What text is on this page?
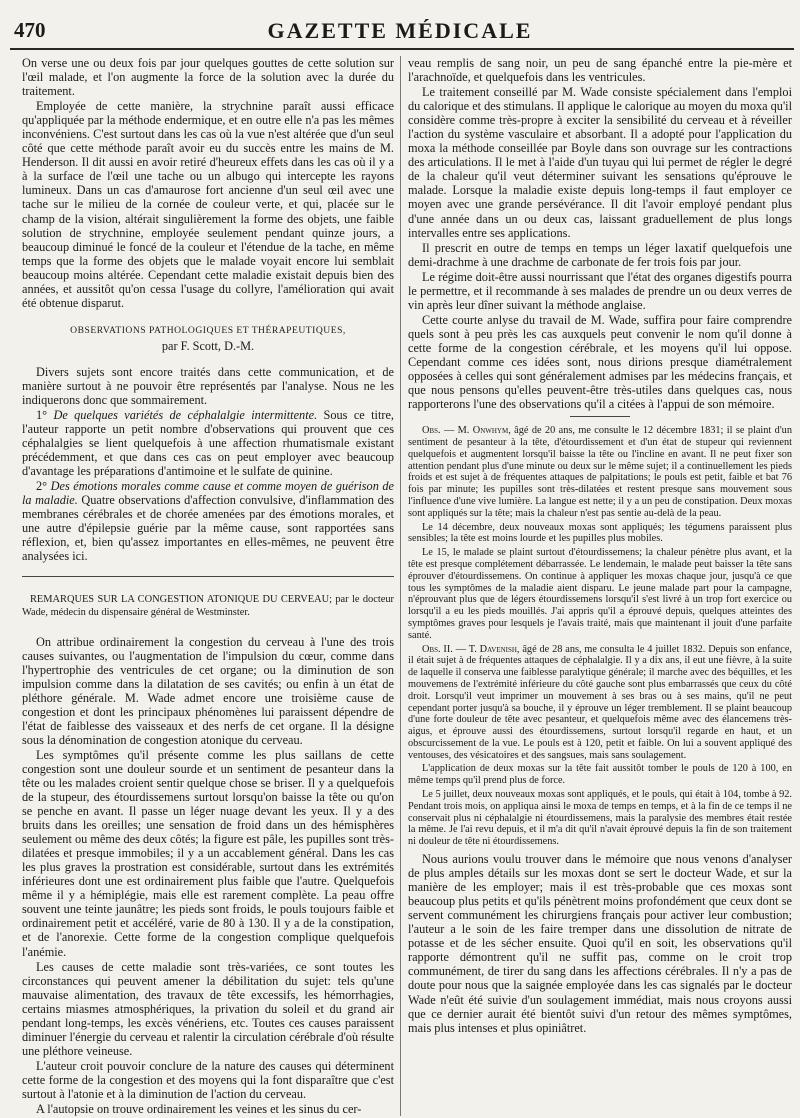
470	GAZETTE MÉDICALE

On verse une ou deux fois par jour quelques gouttes de cette solution sur l'œil malade, et l'on augmente la force de la solution avec la durée du traitement.

Employée de cette manière, la strychnine paraît aussi efficace qu'appliquée par la méthode endermique, et en outre elle n'a pas les mêmes inconvéniens. C'est surtout dans les cas où la vue n'est altérée que d'un seul côté que cette méthode paraît avoir eu du succès entre les mains de M. Henderson. Il dit aussi en avoir retiré d'heureux effets dans les cas où il y a à la surface de l'œil une tache ou un albugo qui intercepte les rayons lumineux. Dans un cas d'amaurose fort ancienne d'un seul œil avec une tache sur le milieu de la cornée de couleur verte, et qui, placée sur le champ de la vision, altérait singulièrement la forme des objets, une faible solution de strychnine, employée seulement pendant quinze jours, a beaucoup diminué le foncé de la couleur et l'étendue de la tache, en même temps que la forme des objets que le malade voyait encore lui semblait beaucoup moins altérée. Cependant cette maladie existait depuis bien des années, et aussitôt qu'on cessa l'usage du collyre, l'amélioration qui avait été obtenue disparut.

OBSERVATIONS PATHOLOGIQUES ET THÉRAPEUTIQUES,

par F. Scott, D.-M.

Divers sujets sont encore traités dans cette communication, et de manière surtout à ne pouvoir être représentés par l'analyse. Nous ne les indiquerons donc que sommairement.

1° De quelques variétés de céphalalgie intermittente. Sous ce titre, l'auteur rapporte un petit nombre d'observations qui prouvent que ces céphalalgies se lient quelquefois à une affection rhumatismale existant précédemment, et que dans ces cas on peut employer avec beaucoup d'avantage les préparations d'antimoine et le sulfate de quinine.

2° Des émotions morales comme cause et comme moyen de guérison de la maladie. Quatre observations d'affection convulsive, d'inflammation des membranes cérébrales et de chorée amenées par des émotions morales, et une autre d'épilepsie guérie par la même cause, sont rapportées sans réflexion, et, bien qu'assez importantes en elles-mêmes, ne peuvent être analysées ici.

REMARQUES SUR LA CONGESTION ATONIQUE DU CERVEAU; par le docteur Wade, médecin du dispensaire général de Westminster.

On attribue ordinairement la congestion du cerveau à l'une des trois causes suivantes, ou l'augmentation de l'impulsion du cœur, comme dans l'hypertrophie des ventricules de cet organe; ou la diminution de son impulsion comme dans la dilatation de ses cavités; ou enfin à un état de pléthore générale. M. Wade admet encore une troisième cause de congestion et dont les principaux phénomènes lui paraissent dépendre de l'état de faiblesse des vaisseaux et des nerfs de cet organe. Il la désigne sous la dénomination de congestion atonique du cerveau.

Les symptômes qu'il présente comme les plus saillans de cette congestion sont une douleur sourde et un sentiment de pesanteur dans la tête ou les malades croient sentir quelque chose se briser. Il y a quelquefois de la stupeur, des étourdissemens surtout lorsqu'on baisse la tête ou qu'on se penche en avant. Il passe un léger nuage devant les yeux. Il y a des bruits dans les oreilles; une sensation de froid dans un des hémisphères seulement ou même des deux côtés; la figure est pâle, les pupilles sont très-dilatées et presque immobiles; il y a un accablement général. Dans les cas les plus graves la prostration est considérable, surtout dans les extrémités inférieures dont une est ordinairement plus faible que l'autre. Quelquefois même il y a hémiplégie, mais elle est rarement complète. La peau offre souvent une teinte jaunâtre; les pieds sont froids, le pouls toujours faible et ordinairement petit et accéléré, varie de 80 à 130. Il y a de la constipation, et de l'anorexie. Cette forme de la congestion complique quelquefois l'anémie.

Les causes de cette maladie sont très-variées, ce sont toutes les circonstances qui peuvent amener la débilitation du sujet: tels qu'une mauvaise alimentation, des travaux de tête excessifs, les hémorrhagies, certains miasmes atmosphériques, la privation du soleil et du grand air pendant long-temps, les excès vénériens, etc. Toutes ces causes paraissent diminuer l'énergie du cerveau et ralentir la circulation cérébrale d'où résulte une pléthore veineuse.

L'auteur croit pouvoir conclure de la nature des causes qui déterminent cette forme de la congestion et des moyens qui la font disparaître que c'est surtout à l'atonie et à la diminution de l'action du cerveau.

A l'autopsie on trouve ordinairement les veines et les sinus du cer-

veau remplis de sang noir, un peu de sang épanché entre la pie-mère et l'arachnoïde, et quelquefois dans les ventricules.

Le traitement conseillé par M. Wade consiste spécialement dans l'emploi du calorique et des stimulans. Il applique le calorique au moyen du moxa qu'il considère comme très-propre à exciter la sensibilité du cerveau et à réveiller l'action du système vasculaire et absorbant. Il a adopté pour l'application du moxa la méthode conseillée par Boyle dans son ouvrage sur les contractions des articulations. Il le met à l'aide d'un tuyau qui lui permet de régler le degré de la chaleur qu'il veut déterminer suivant les sensations qu'éprouve le malade. Lorsque la maladie existe depuis long-temps il faut employer ce moyen avec une grande persévérance. Il dit l'avoir employé pendant plus d'une année dans un ou deux cas, laissant graduellement de plus longs intervalles entre ses applications.

Il prescrit en outre de temps en temps un léger laxatif quelquefois une demi-drachme à une drachme de carbonate de fer trois fois par jour.

Le régime doit-être aussi nourrissant que l'état des organes digestifs pourra le permettre, et il recommande à ses malades de prendre un ou deux verres de vin après leur dîner suivant la méthode anglaise.

Cette courte anlyse du travail de M. Wade, suffira pour faire comprendre quels sont à peu près les cas auxquels peut convenir le nom qu'il donne à cette forme de la congestion cérébrale, et les moyens qu'il lui oppose. Cependant comme ces idées sont, nous dirions presque diamétralement opposées à celles qui sont généralement admises par les médecins français, et que nous pensons qu'elles peuvent-être très-utiles dans quelques cas, nous rapporterons l'une des observations qu'il a citées à l'appui de son mémoire.

Obs. — M. Onwhym, âgé de 20 ans, me consulte le 12 décembre 1831; il se plaint d'un sentiment de pesanteur à la tête, d'étourdissement et d'un état de stupeur qui reviennent quelquefois et augmentent lorsqu'il baisse la tête ou l'incline en avant. Il ne peut fixer son attention pendant plus d'une minute ou deux sur le même sujet; il a continuellement les pieds froids et est sujet à de fréquentes attaques de palpitations; le pouls est petit, faible et bat 76 fois par minute; les pupilles sont très-dilatées et restent presque sans mouvement sous l'influence d'une vive lumière. La langue est nette; il y a un peu de constipation. Deux moxas sont appliqués sur la tête; mais la chaleur n'est pas sentie au-delà de la peau.

Le 14 décembre, deux nouveaux moxas sont appliqués; les tégumens paraissent plus sensibles; la tête est moins lourde et les pupilles plus mobiles.

Le 15, le malade se plaint surtout d'étourdissemens; la chaleur pénètre plus avant, et la tête est presque complétement débarrassée. Le lendemain, le malade peut baisser la tête sans éprouver d'étourdissemens. On continue à appliquer les moxas chaque jour, jusqu'à ce que tous les symptômes de la maladie aient disparu. Le jeune malade part pour la campagne, n'éprouvant plus que de légers étourdissemens lorsqu'il s'est livré à un trop fort exercice ou lorsqu'il a eu les pieds mouillés. J'ai appris qu'il a éprouvé depuis, quelques atteintes des symptômes graves pour lesquels je l'avais traité, mais que maintenant il jouit d'une parfaite santé.

Obs. II. — T. Davenish, âgé de 28 ans, me consulta le 4 juillet 1832. Depuis son enfance, il était sujet à de fréquentes attaques de céphalalgie. Il y a dix ans, il eut une fièvre, à la suite de laquelle il conserva une faiblesse paralytique générale; il marche avec des béquilles, et les mouvemens de l'extrémité inférieure du côté gauche sont plus embarrassés que ceux du côté droit. Lorsqu'il veut imprimer un mouvement à ses bras ou à ses mains, qu'il ne peut cependant porter jusqu'à sa bouche, il y éprouve un léger tremblement. Il se plaint beaucoup d'une forte douleur de tête avec pesanteur, et quelquefois même avec des élancemens très-aigus, et éprouve aussi des étourdissemens, surtout lorsqu'il regarde en haut, et un obscurcissement de la vue. Le pouls est à 120, petit et faible. On lui a souvent appliqué des ventouses, des vésicatoires et des sangsues, mais sans soulagement.

L'application de deux moxas sur la tête fait aussitôt tomber le pouls de 120 à 100, en même temps qu'il prend plus de force.

Le 5 juillet, deux nouveaux moxas sont appliqués, et le pouls, qui était à 104, tombe à 92. Pendant trois mois, on appliqua ainsi le moxa de temps en temps, et à la fin de ce temps il ne conservait plus ni céphalalgie ni étourdissemens, mais la paralysie des membres était restée la même. Je l'ai revu depuis, et il m'a dit qu'il n'avait éprouvé depuis la fin de son traitement ni douleur de tête ni étourdissemens.

Nous aurions voulu trouver dans le mémoire que nous venons d'analyser de plus amples détails sur les moxas dont se sert le docteur Wade, et sur la manière de les employer; mais il est très-probable que ces moxas sont beaucoup plus petits et qu'ils pénètrent moins profondément que ceux dont se servent communément les chirurgiens français pour activer leur combustion; l'auteur a le soin de les faire tremper dans une dissolution de nitrate de potasse et de les sécher ensuite. Quoi qu'il en soit, les observations qu'il rapporte démontrent qu'il ne suffit pas, comme on le croit trop communément, de tirer du sang dans les affections cérébrales. Il n'y a pas de doute pour nous que la saignée employée dans les cas signalés par le docteur Wade n'eût été suivie d'un soulagement immédiat, mais nous croyons aussi que ce dernier aurait été bientôt suivi d'un retour des mêmes symptômes, mais plus intenses et plus opiniâtret.
